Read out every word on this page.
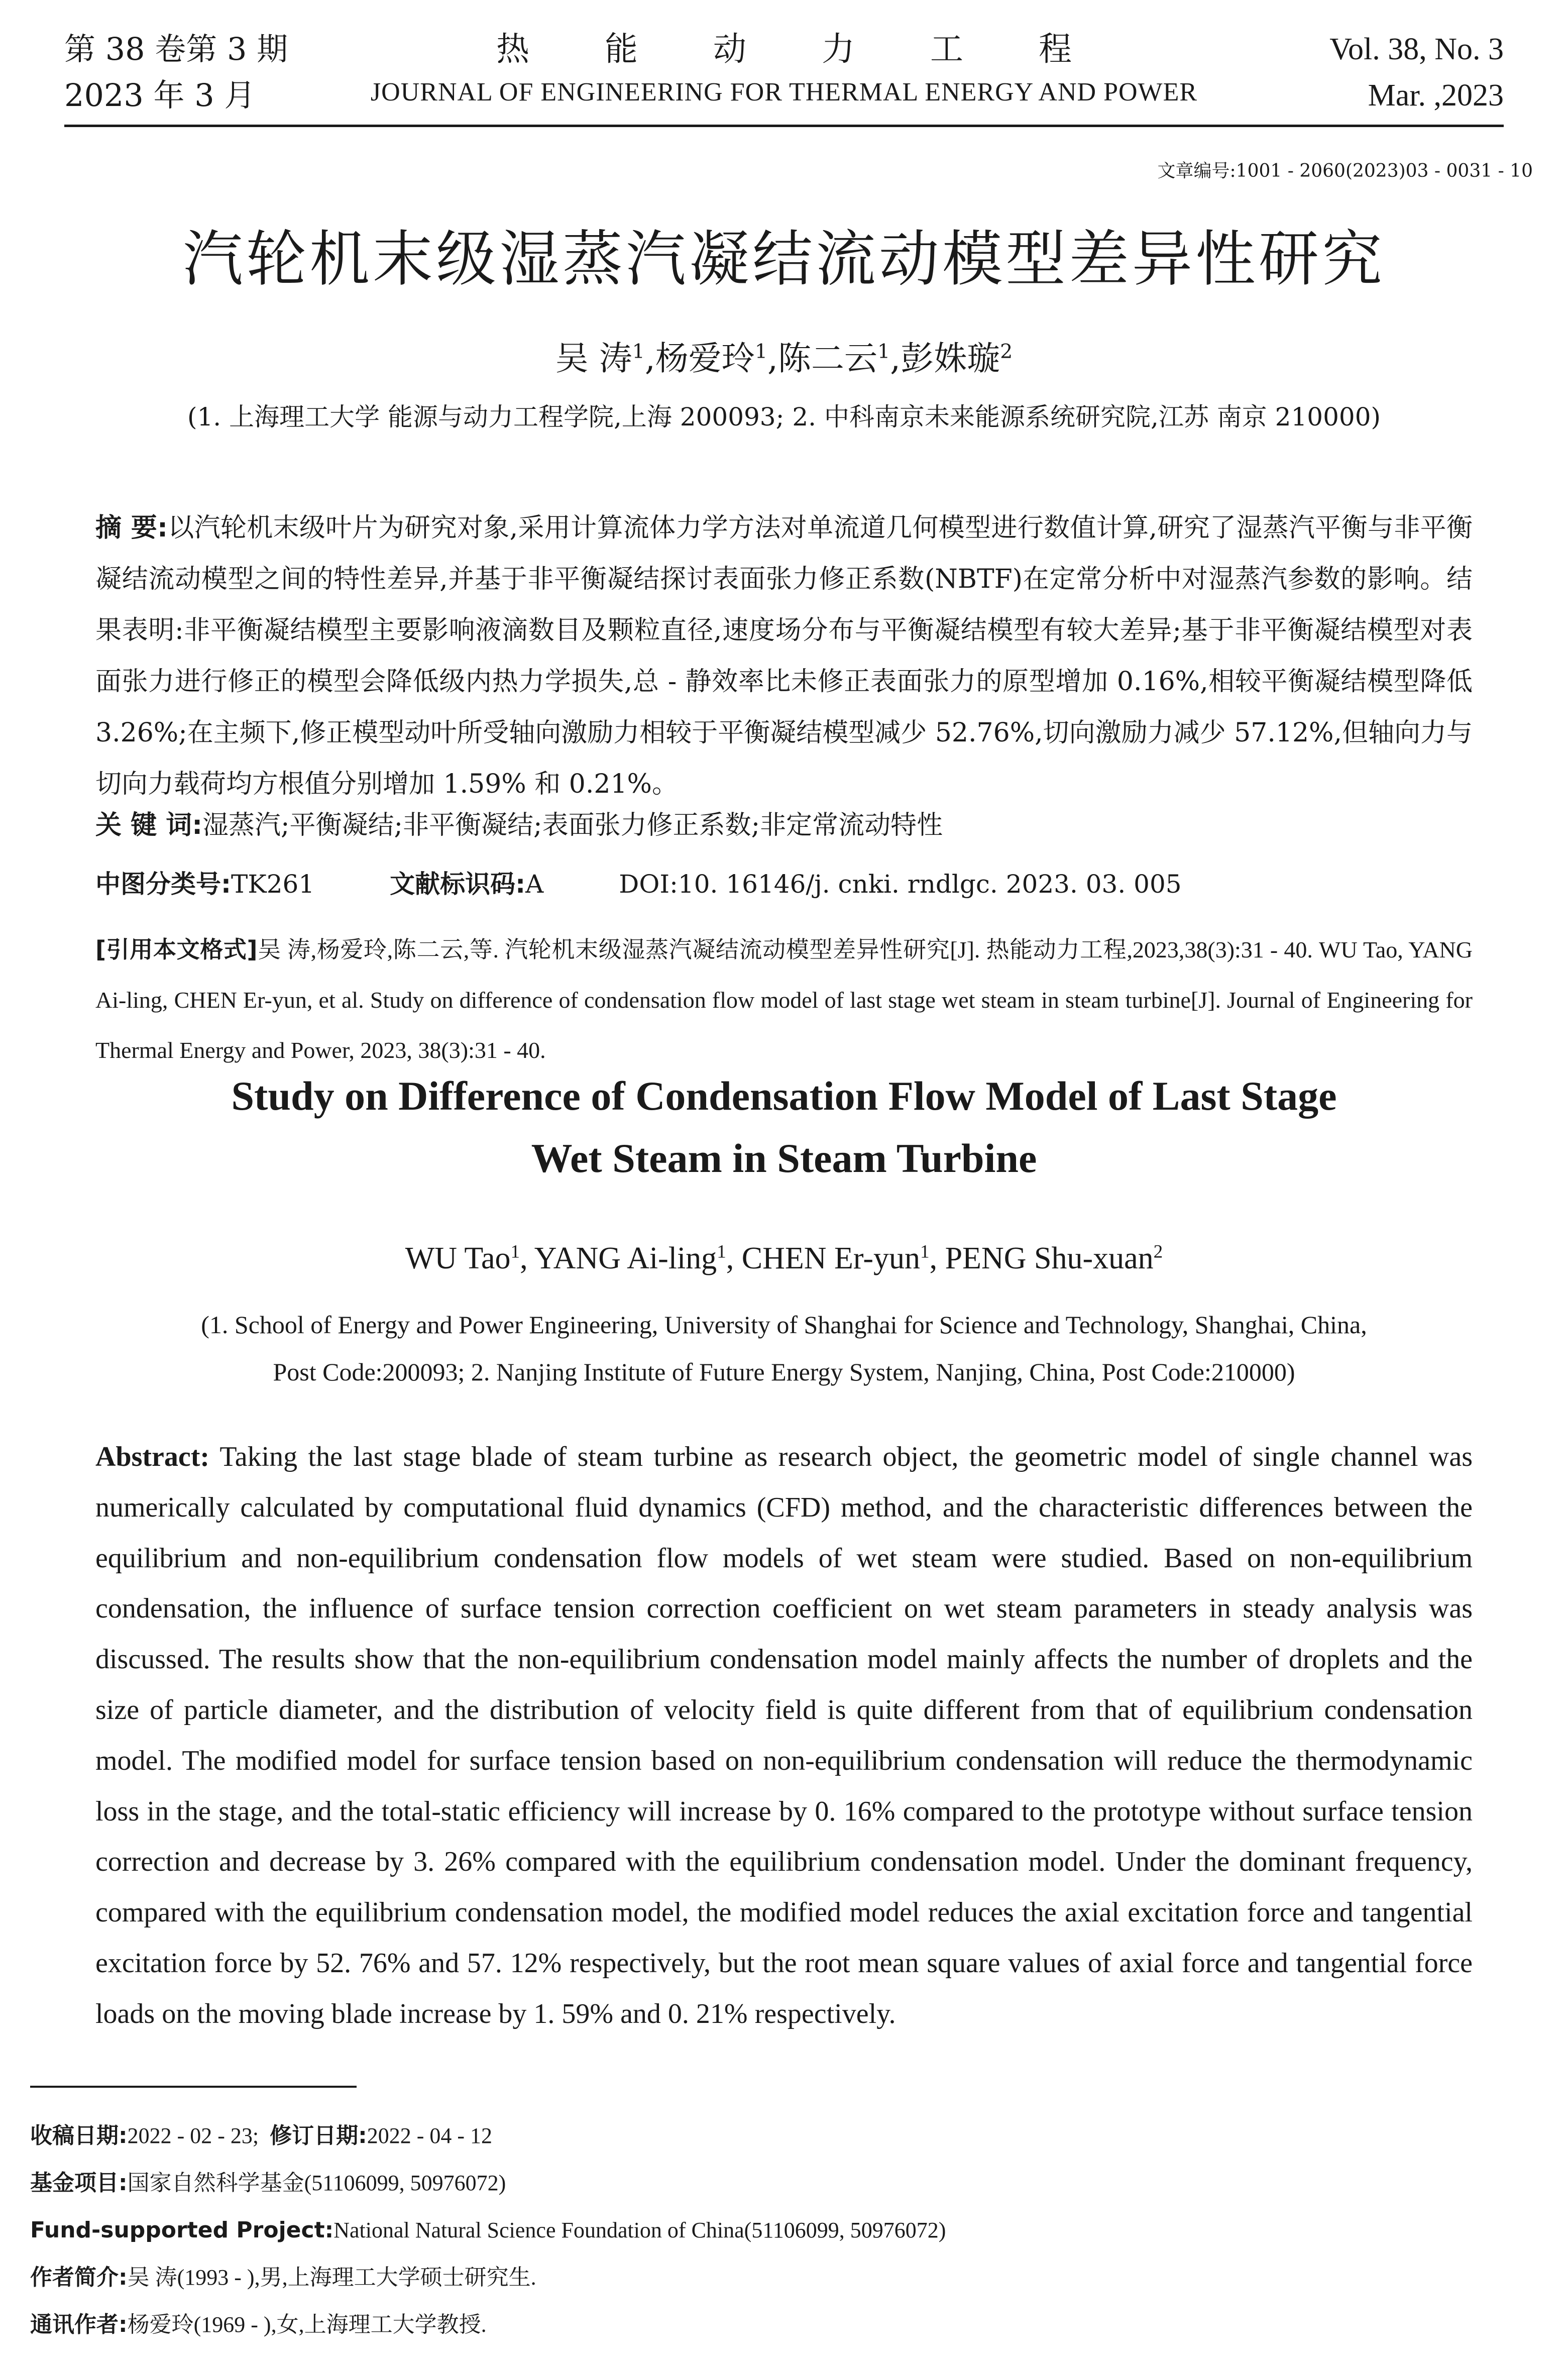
第 38 卷第 3 期
2023 年 3 月
热能动力工程
JOURNAL OF ENGINEERING FOR THERMAL ENERGY AND POWER
Vol. 38, No. 3
Mar. ,2023
文章编号:1001 - 2060(2023)03 - 0031 - 10
汽轮机末级湿蒸汽凝结流动模型差异性研究
吴 涛$^1$,杨爱玲$^1$,陈二云$^1$,彭姝璇$^2$
(1. 上海理工大学 能源与动力工程学院,上海 200093; 2. 中科南京未来能源系统研究院,江苏 南京 210000)
摘 要:以汽轮机末级叶片为研究对象,采用计算流体力学方法对单流道几何模型进行数值计算,研究了湿蒸汽平衡与非平衡凝结流动模型之间的特性差异,并基于非平衡凝结探讨表面张力修正系数(NBTF)在定常分析中对湿蒸汽参数的影响。结果表明:非平衡凝结模型主要影响液滴数目及颗粒直径,速度场分布与平衡凝结模型有较大差异;基于非平衡凝结模型对表面张力进行修正的模型会降低级内热力学损失,总 - 静效率比未修正表面张力的原型增加 0.16%,相较平衡凝结模型降低 3.26%;在主频下,修正模型动叶所受轴向激励力相较于平衡凝结模型减少 52.76%,切向激励力减少 57.12%,但轴向力与切向力载荷均方根值分别增加 1.59% 和 0.21%。
关 键 词:湿蒸汽;平衡凝结;非平衡凝结;表面张力修正系数;非定常流动特性
中图分类号:TK261	文献标识码:A	DOI:10. 16146/j. cnki. rndlgc. 2023. 03. 005
[引用本文格式]吴 涛,杨爱玲,陈二云,等. 汽轮机末级湿蒸汽凝结流动模型差异性研究[J]. 热能动力工程,2023,38(3):31 - 40. WU Tao, YANG Ai-ling, CHEN Er-yun, et al. Study on difference of condensation flow model of last stage wet steam in steam turbine[J]. Journal of Engineering for Thermal Energy and Power, 2023, 38(3):31 - 40.
Study on Difference of Condensation Flow Model of Last Stage
Wet Steam in Steam Turbine
WU Tao$^1$, YANG Ai-ling$^1$, CHEN Er-yun$^1$, PENG Shu-xuan$^2$
(1. School of Energy and Power Engineering, University of Shanghai for Science and Technology, Shanghai, China,
Post Code:200093; 2. Nanjing Institute of Future Energy System, Nanjing, China, Post Code:210000)
Abstract: Taking the last stage blade of steam turbine as research object, the geometric model of single channel was numerically calculated by computational fluid dynamics (CFD) method, and the characteristic differences between the equilibrium and non-equilibrium condensation flow models of wet steam were studied. Based on non-equilibrium condensation, the influence of surface tension correction coefficient on wet steam parameters in steady analysis was discussed. The results show that the non-equilibrium condensation model mainly affects the number of droplets and the size of particle diameter, and the distribution of velocity field is quite different from that of equilibrium condensation model. The modified model for surface tension based on non-equilibrium condensation will reduce the thermodynamic loss in the stage, and the total-static efficiency will increase by 0. 16% compared to the prototype without surface tension correction and decrease by 3. 26% compared with the equilibrium condensation model. Under the dominant frequency, compared with the equilibrium condensation model, the modified model reduces the axial excitation force and tangential excitation force by 52. 76% and 57. 12% respectively, but the root mean square values of axial force and tangential force loads on the moving blade increase by 1. 59% and 0. 21% respectively.
收稿日期:2022 - 02 - 23; 修订日期:2022 - 04 - 12
基金项目:国家自然科学基金(51106099, 50976072)
Fund-supported Project:National Natural Science Foundation of China(51106099, 50976072)
作者简介:吴 涛(1993 - ),男,上海理工大学硕士研究生.
通讯作者:杨爱玲(1969 - ),女,上海理工大学教授.
